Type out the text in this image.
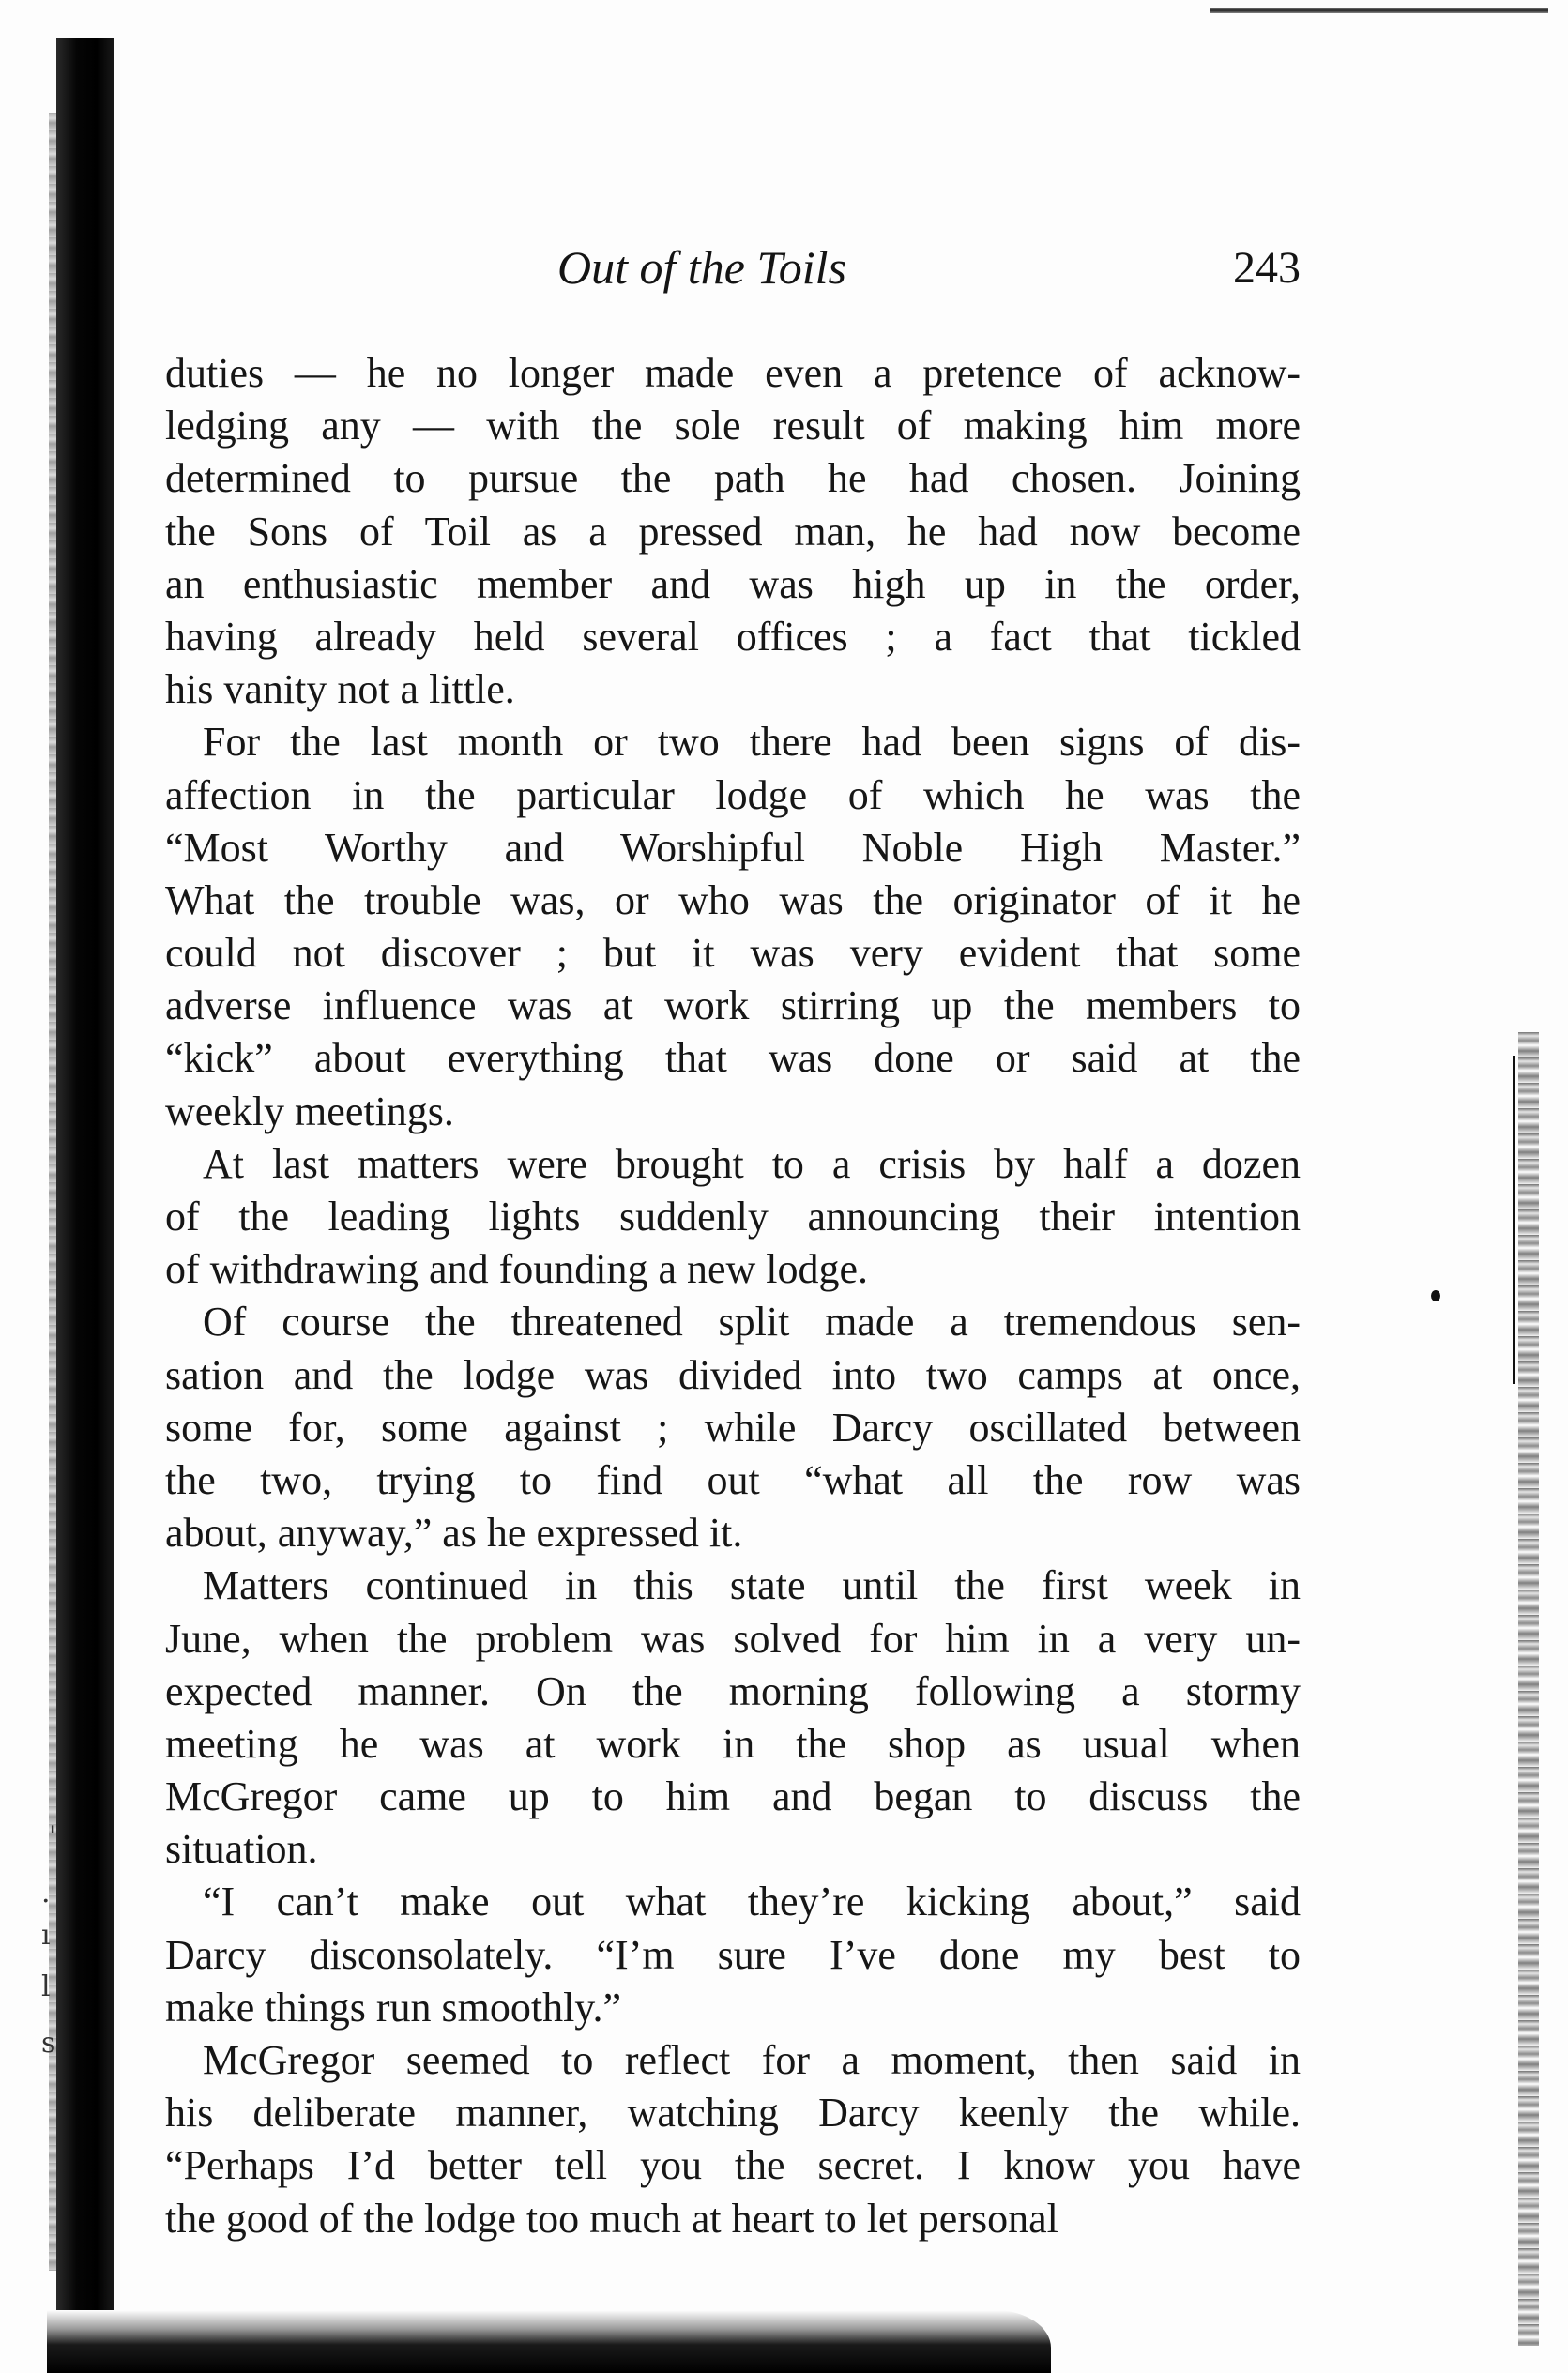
.
ı
l
s
'
Out of the Toils	243
duties — he no longer made even a pretence of acknow-
ledging any — with the sole result of making him more
determined to pursue the path he had chosen. Joining
the Sons of Toil as a pressed man, he had now become
an enthusiastic member and was high up in the order,
having already held several offices ; a fact that tickled
his vanity not a little.
For the last month or two there had been signs of dis-
affection in the particular lodge of which he was the
“Most Worthy and Worshipful Noble High Master.”
What the trouble was, or who was the originator of it he
could not discover ; but it was very evident that some
adverse influence was at work stirring up the members to
“kick” about everything that was done or said at the
weekly meetings.
At last matters were brought to a crisis by half a dozen
of the leading lights suddenly announcing their intention
of withdrawing and founding a new lodge.
Of course the threatened split made a tremendous sen-
sation and the lodge was divided into two camps at once,
some for, some against ; while Darcy oscillated between
the two, trying to find out “what all the row was
about, anyway,” as he expressed it.
Matters continued in this state until the first week in
June, when the problem was solved for him in a very un-
expected manner. On the morning following a stormy
meeting he was at work in the shop as usual when
McGregor came up to him and began to discuss the
situation.
“I can’t make out what they’re kicking about,” said
Darcy disconsolately. “I’m sure I’ve done my best to
make things run smoothly.”
McGregor seemed to reflect for a moment, then said in
his deliberate manner, watching Darcy keenly the while.
“Perhaps I’d better tell you the secret. I know you have
the good of the lodge too much at heart to let personal
